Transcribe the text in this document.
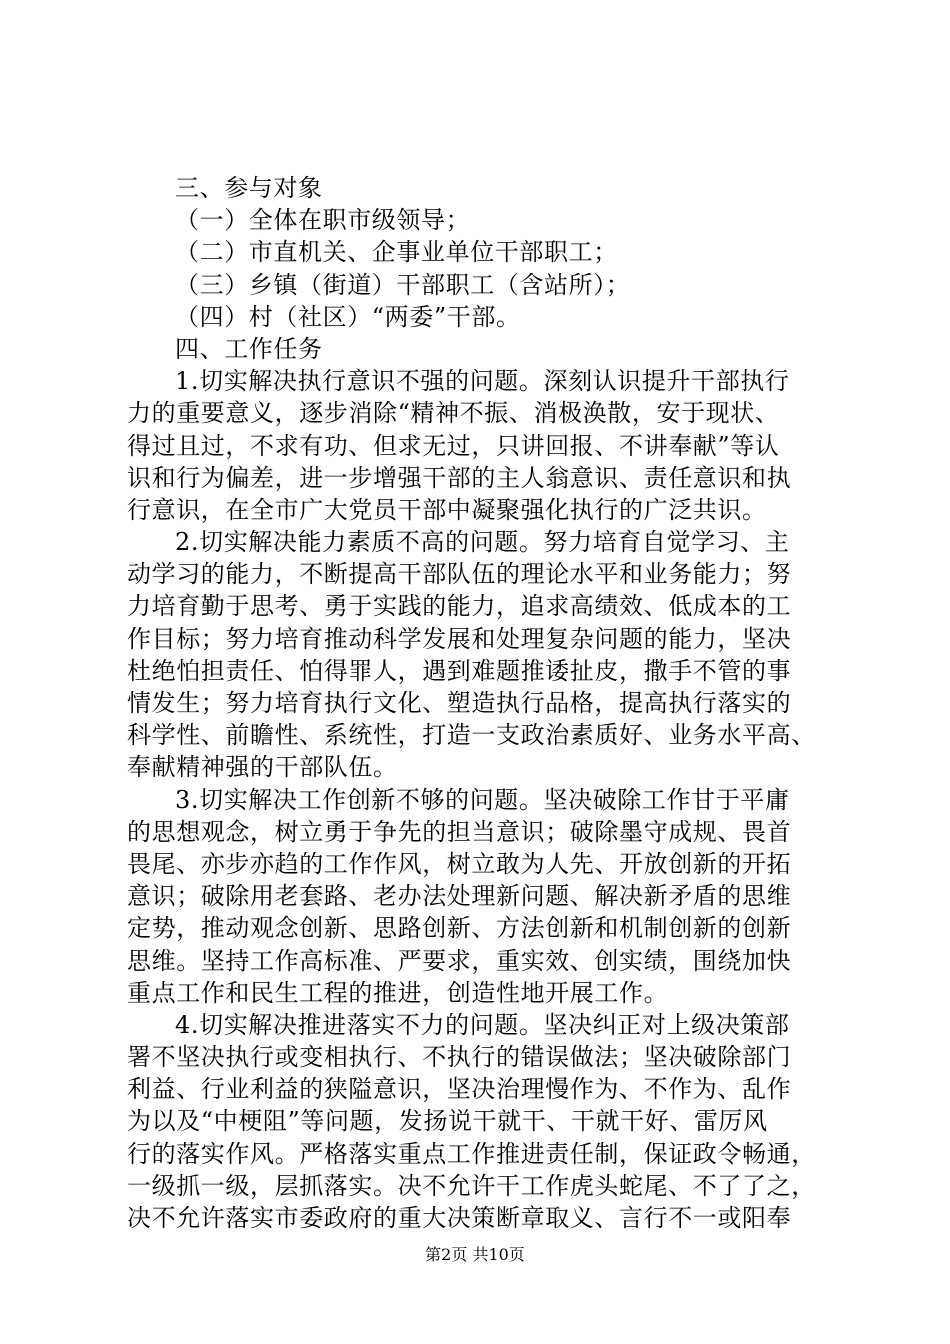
三、参与对象
（一）全体在职市级领导；
（二）市直机关、企事业单位干部职工；
（三）乡镇（街道）干部职工（含站所）；
（四）村（社区）“两委”干部。
四、工作任务
1.切实解决执行意识不强的问题。深刻认识提升干部执行
力的重要意义，逐步消除“精神不振、消极涣散，安于现状、
得过且过，不求有功、但求无过，只讲回报、不讲奉献”等认
识和行为偏差，进一步增强干部的主人翁意识、责任意识和执
行意识，在全市广大党员干部中凝聚强化执行的广泛共识。
2.切实解决能力素质不高的问题。努力培育自觉学习、主
动学习的能力，不断提高干部队伍的理论水平和业务能力；努
力培育勤于思考、勇于实践的能力，追求高绩效、低成本的工
作目标；努力培育推动科学发展和处理复杂问题的能力，坚决
杜绝怕担责任、怕得罪人，遇到难题推诿扯皮，撒手不管的事
情发生；努力培育执行文化、塑造执行品格，提高执行落实的
科学性、前瞻性、系统性，打造一支政治素质好、业务水平高、
奉献精神强的干部队伍。
3.切实解决工作创新不够的问题。坚决破除工作甘于平庸
的思想观念，树立勇于争先的担当意识；破除墨守成规、畏首
畏尾、亦步亦趋的工作作风，树立敢为人先、开放创新的开拓
意识；破除用老套路、老办法处理新问题、解决新矛盾的思维
定势，推动观念创新、思路创新、方法创新和机制创新的创新
思维。坚持工作高标准、严要求，重实效、创实绩，围绕加快
重点工作和民生工程的推进，创造性地开展工作。
4.切实解决推进落实不力的问题。坚决纠正对上级决策部
署不坚决执行或变相执行、不执行的错误做法；坚决破除部门
利益、行业利益的狭隘意识，坚决治理慢作为、不作为、乱作
为以及“中梗阻”等问题，发扬说干就干、干就干好、雷厉风
行的落实作风。严格落实重点工作推进责任制，保证政令畅通，
一级抓一级，层抓落实。决不允许干工作虎头蛇尾、不了了之，
决不允许落实市委政府的重大决策断章取义、言行不一或阳奉
第2页 共10页
